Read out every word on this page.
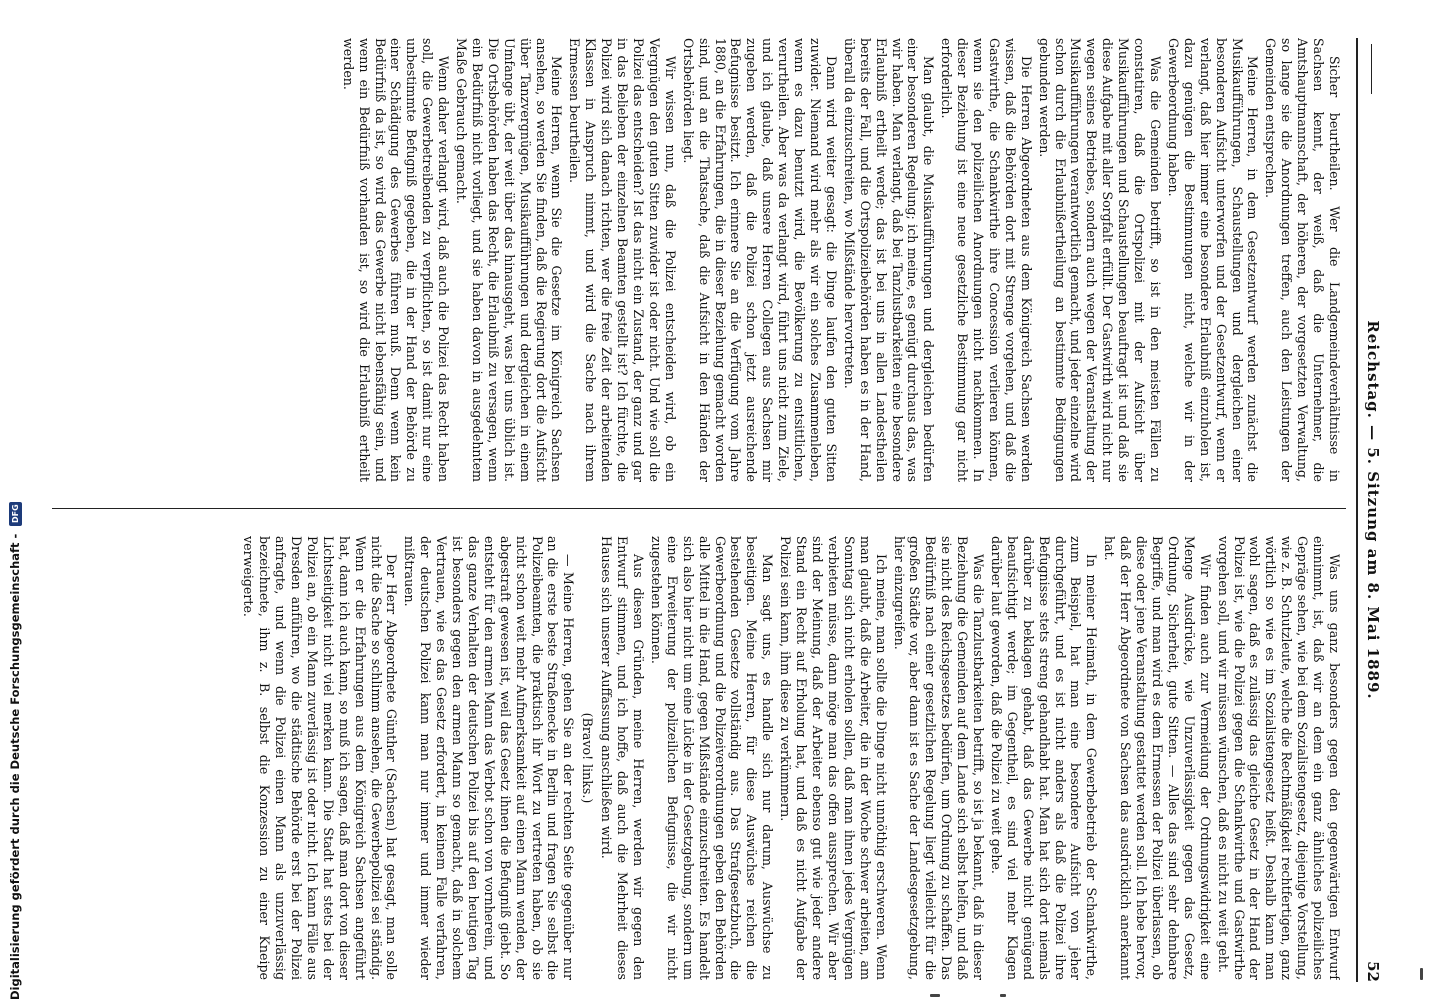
Digitalisierung gefördert durch die Deutsche Forschungsgemeinschaft - DFG	Reichstag. — 5. Sitzung am 8. Mai 1889.
52

Sicher beurtheilen. Wer die Landgemeindeverhältnisse in Sachsen kennt, der weiß, daß die Unternehmer, die Amtshauptmannschaft, der höheren, der vorgesetzten Verwaltung, so lange sie die Anordnungen treffen, auch den Leistungen der Gemeinden entsprechen.

Meine Herren, in dem Gesetzentwurf werden zunächst die Musikaufführungen, Schaustellungen und dergleichen einer besonderen Aufsicht unterworfen und der Gesetzentwurf, wenn er verlangt, daß hier immer eine besondere Erlaubniß einzuholen ist, dazu genügen die Bestimmungen nicht, welche wir in der Gewerbeordnung haben.

Was die Gemeinden betrifft, so ist in den meisten Fällen zu constatiren, daß die Ortspolizei mit der Aufsicht über Musikaufführungen und Schaustellungen beauftragt ist und daß sie diese Aufgabe mit aller Sorgfalt erfüllt. Der Gastwirth wird nicht nur wegen seines Betriebes, sondern auch wegen der Veranstaltung der Musikaufführungen verantwortlich gemacht, und jeder einzelne wird schon durch die Erlaubnißertheilung an bestimmte Bedingungen gebunden werden.

Die Herren Abgeordneten aus dem Königreich Sachsen werden wissen, daß die Behörden dort mit Strenge vorgehen, und daß die Gastwirthe, die Schankwirthe ihre Concession verlieren können, wenn sie den polizeilichen Anordnungen nicht nachkommen. In dieser Beziehung ist eine neue gesetzliche Bestimmung gar nicht erforderlich.

Man glaubt, die Musikaufführungen und dergleichen bedürfen einer besonderen Regelung; ich meine, es genügt durchaus das, was wir haben. Man verlangt, daß bei Tanzlustbarkeiten eine besondere Erlaubniß ertheilt werde; das ist bei uns in allen Landestheilen bereits der Fall, und die Ortspolizeibehörden haben es in der Hand, überall da einzuschreiten, wo Mißstände hervortreten.

Dann wird weiter gesagt: die Dinge laufen den guten Sitten zuwider. Niemand wird mehr als wir ein solches Zusammenleben, wenn es dazu benutzt wird, die Bevölkerung zu entsittlichen, verurtheilen. Aber was da verlangt wird, führt uns nicht zum Ziele, und ich glaube, daß unsere Herren Collegen aus Sachsen mir zugeben werden, daß die Polizei schon jetzt ausreichende Befugnisse besitzt. Ich erinnere Sie an die Verfügung vom Jahre 1880, an die Erfahrungen, die in dieser Beziehung gemacht worden sind, und an die Thatsache, daß die Aufsicht in den Händen der Ortsbehörden liegt.

Wir wissen nun, daß die Polizei entscheiden wird, ob ein Vergnügen den guten Sitten zuwider ist oder nicht. Und wie soll die Polizei das entscheiden? Ist das nicht ein Zustand, der ganz und gar in das Belieben der einzelnen Beamten gestellt ist? Ich fürchte, die Polizei wird sich danach richten, wer die freie Zeit der arbeitenden Klassen in Anspruch nimmt, und wird die Sache nach ihrem Ermessen beurtheilen.

Meine Herren, wenn Sie die Gesetze im Königreich Sachsen ansehen, so werden Sie finden, daß die Regierung dort die Aufsicht über Tanzvergnügen, Musikaufführungen und dergleichen in einem Umfange übt, der weit über das hinausgeht, was bei uns üblich ist. Die Ortsbehörden haben das Recht, die Erlaubniß zu versagen, wenn ein Bedürfniß nicht vorliegt, und sie haben davon in ausgedehntem Maße Gebrauch gemacht.

Wenn daher verlangt wird, daß auch die Polizei das Recht haben soll, die Gewerbetreibenden zu verpflichten, so ist damit nur eine unbestimmte Befugniß gegeben, die in der Hand der Behörde zu einer Schädigung des Gewerbes führen muß. Denn wenn kein Bedürfniß da ist, so wird das Gewerbe nicht lebensfähig sein, und wenn ein Bedürfniß vorhanden ist, so wird die Erlaubniß ertheilt werden.

Was uns ganz besonders gegen den gegenwärtigen Entwurf einnimmt, ist, daß wir an dem ein ganz ähnliches polizeiliches Gepräge sehen, wie bei dem Sozialistengesetz, diejenige Vorstellung, wie z. B. Schutzleute, welche die Rechtmäßigkeit rechtfertigen, ganz wörtlich so wie es im Sozialistengesetz heißt. Deshalb kann man wohl sagen, daß es zulässig das gleiche Gesetz in der Hand der Polizei ist, wie die Polizei gegen die Schankwirthe und Gastwirthe vorgehen soll, und wir müssen wünschen, daß es nicht zu weit geht.

Wir finden auch zur Vermeidung der Ordnungswidrigkeit eine Menge Ausdrücke, wie Unzuverlässigkeit gegen das Gesetz, Ordnung, Sicherheit, gute Sitten. — Alles das sind sehr dehnbare Begriffe, und man wird es dem Ermessen der Polizei überlassen, ob diese oder jene Veranstaltung gestattet werden soll. Ich hebe hervor, daß der Herr Abgeordnete von Sachsen das ausdrücklich anerkannt hat.

In meiner Heimath, in dem Gewerbebetrieb der Schankwirthe, zum Beispiel, hat man eine besondere Aufsicht von jeher durchgeführt, und es ist nicht anders als daß die Polizei ihre Befugnisse stets streng gehandhabt hat. Man hat sich dort niemals darüber zu beklagen gehabt, daß das Gewerbe nicht genügend beaufsichtigt werde; im Gegentheil, es sind viel mehr Klagen darüber laut geworden, daß die Polizei zu weit gehe.

Was die Tanzlustbarkeiten betrifft, so ist ja bekannt, daß in dieser Beziehung die Gemeinden auf dem Lande sich selbst helfen, und daß sie nicht des Reichsgesetzes bedürfen, um Ordnung zu schaffen. Das Bedürfniß nach einer gesetzlichen Regelung liegt vielleicht für die großen Städte vor, aber dann ist es Sache der Landesgesetzgebung, hier einzugreifen.

Ich meine, man sollte die Dinge nicht unnöthig erschweren. Wenn man glaubt, daß die Arbeiter, die in der Woche schwer arbeiten, am Sonntag sich nicht erholen sollen, daß man ihnen jedes Vergnügen verbieten müsse, dann möge man das offen aussprechen. Wir aber sind der Meinung, daß der Arbeiter ebenso gut wie jeder andere Stand ein Recht auf Erholung hat, und daß es nicht Aufgabe der Polizei sein kann, ihm diese zu verkümmern.

Man sagt uns, es handle sich nur darum, Auswüchse zu beseitigen. Meine Herren, für diese Auswüchse reichen die bestehenden Gesetze vollständig aus. Das Strafgesetzbuch, die Gewerbeordnung und die Polizeiverordnungen geben den Behörden alle Mittel in die Hand, gegen Mißstände einzuschreiten. Es handelt sich also hier nicht um eine Lücke in der Gesetzgebung, sondern um eine Erweiterung der polizeilichen Befugnisse, die wir nicht zugestehen können.

Aus diesen Gründen, meine Herren, werden wir gegen den Entwurf stimmen, und ich hoffe, daß auch die Mehrheit dieses Hauses sich unserer Auffassung anschließen wird.

(Bravo! links.)

— Meine Herren, gehen Sie an der rechten Seite gegenüber nur an die erste beste Straßenecke in Berlin und fragen Sie selbst die Polizeibeamten, die praktisch ihr Wort zu vertreten haben, ob sie nicht schon weit mehr Aufmerksamkeit auf einen Mann wenden, der abgestraft gewesen ist, weil das Gesetz ihnen die Befugniß giebt. So entsteht für den armen Mann das Verbot schon von vornherein, und das ganze Verhalten der deutschen Polizei bis auf den heutigen Tag ist besonders gegen den armen Mann so gemacht, daß in solchem Vertrauen, wie es das Gesetz erfordert, in keinem Falle verfahren, der deutschen Polizei kann man nur immer und immer wieder mißtrauen.

Der Herr Abgeordnete Günther (Sachsen) hat gesagt, man solle nicht die Sache so schlimm ansehen, die Gewerbepolizei sei ständig. Wenn er die Erfahrungen aus dem Königreich Sachsen angeführt hat, dann ich auch kann, so muß ich sagen, daß man dort von dieser Lichtseitigkeit nicht viel merken kann. Die Stadt hat stets bei der Polizei an, ob ein Mann zuverlässig ist oder nicht. Ich kann Fälle aus Dresden anführen, wo die städtische Behörde erst bei der Polizei anfragte, und wenn die Polizei einen Mann als unzuverlässig bezeichnete, ihm z. B. selbst die Konzession zu einer Kneipe verweigerte.
